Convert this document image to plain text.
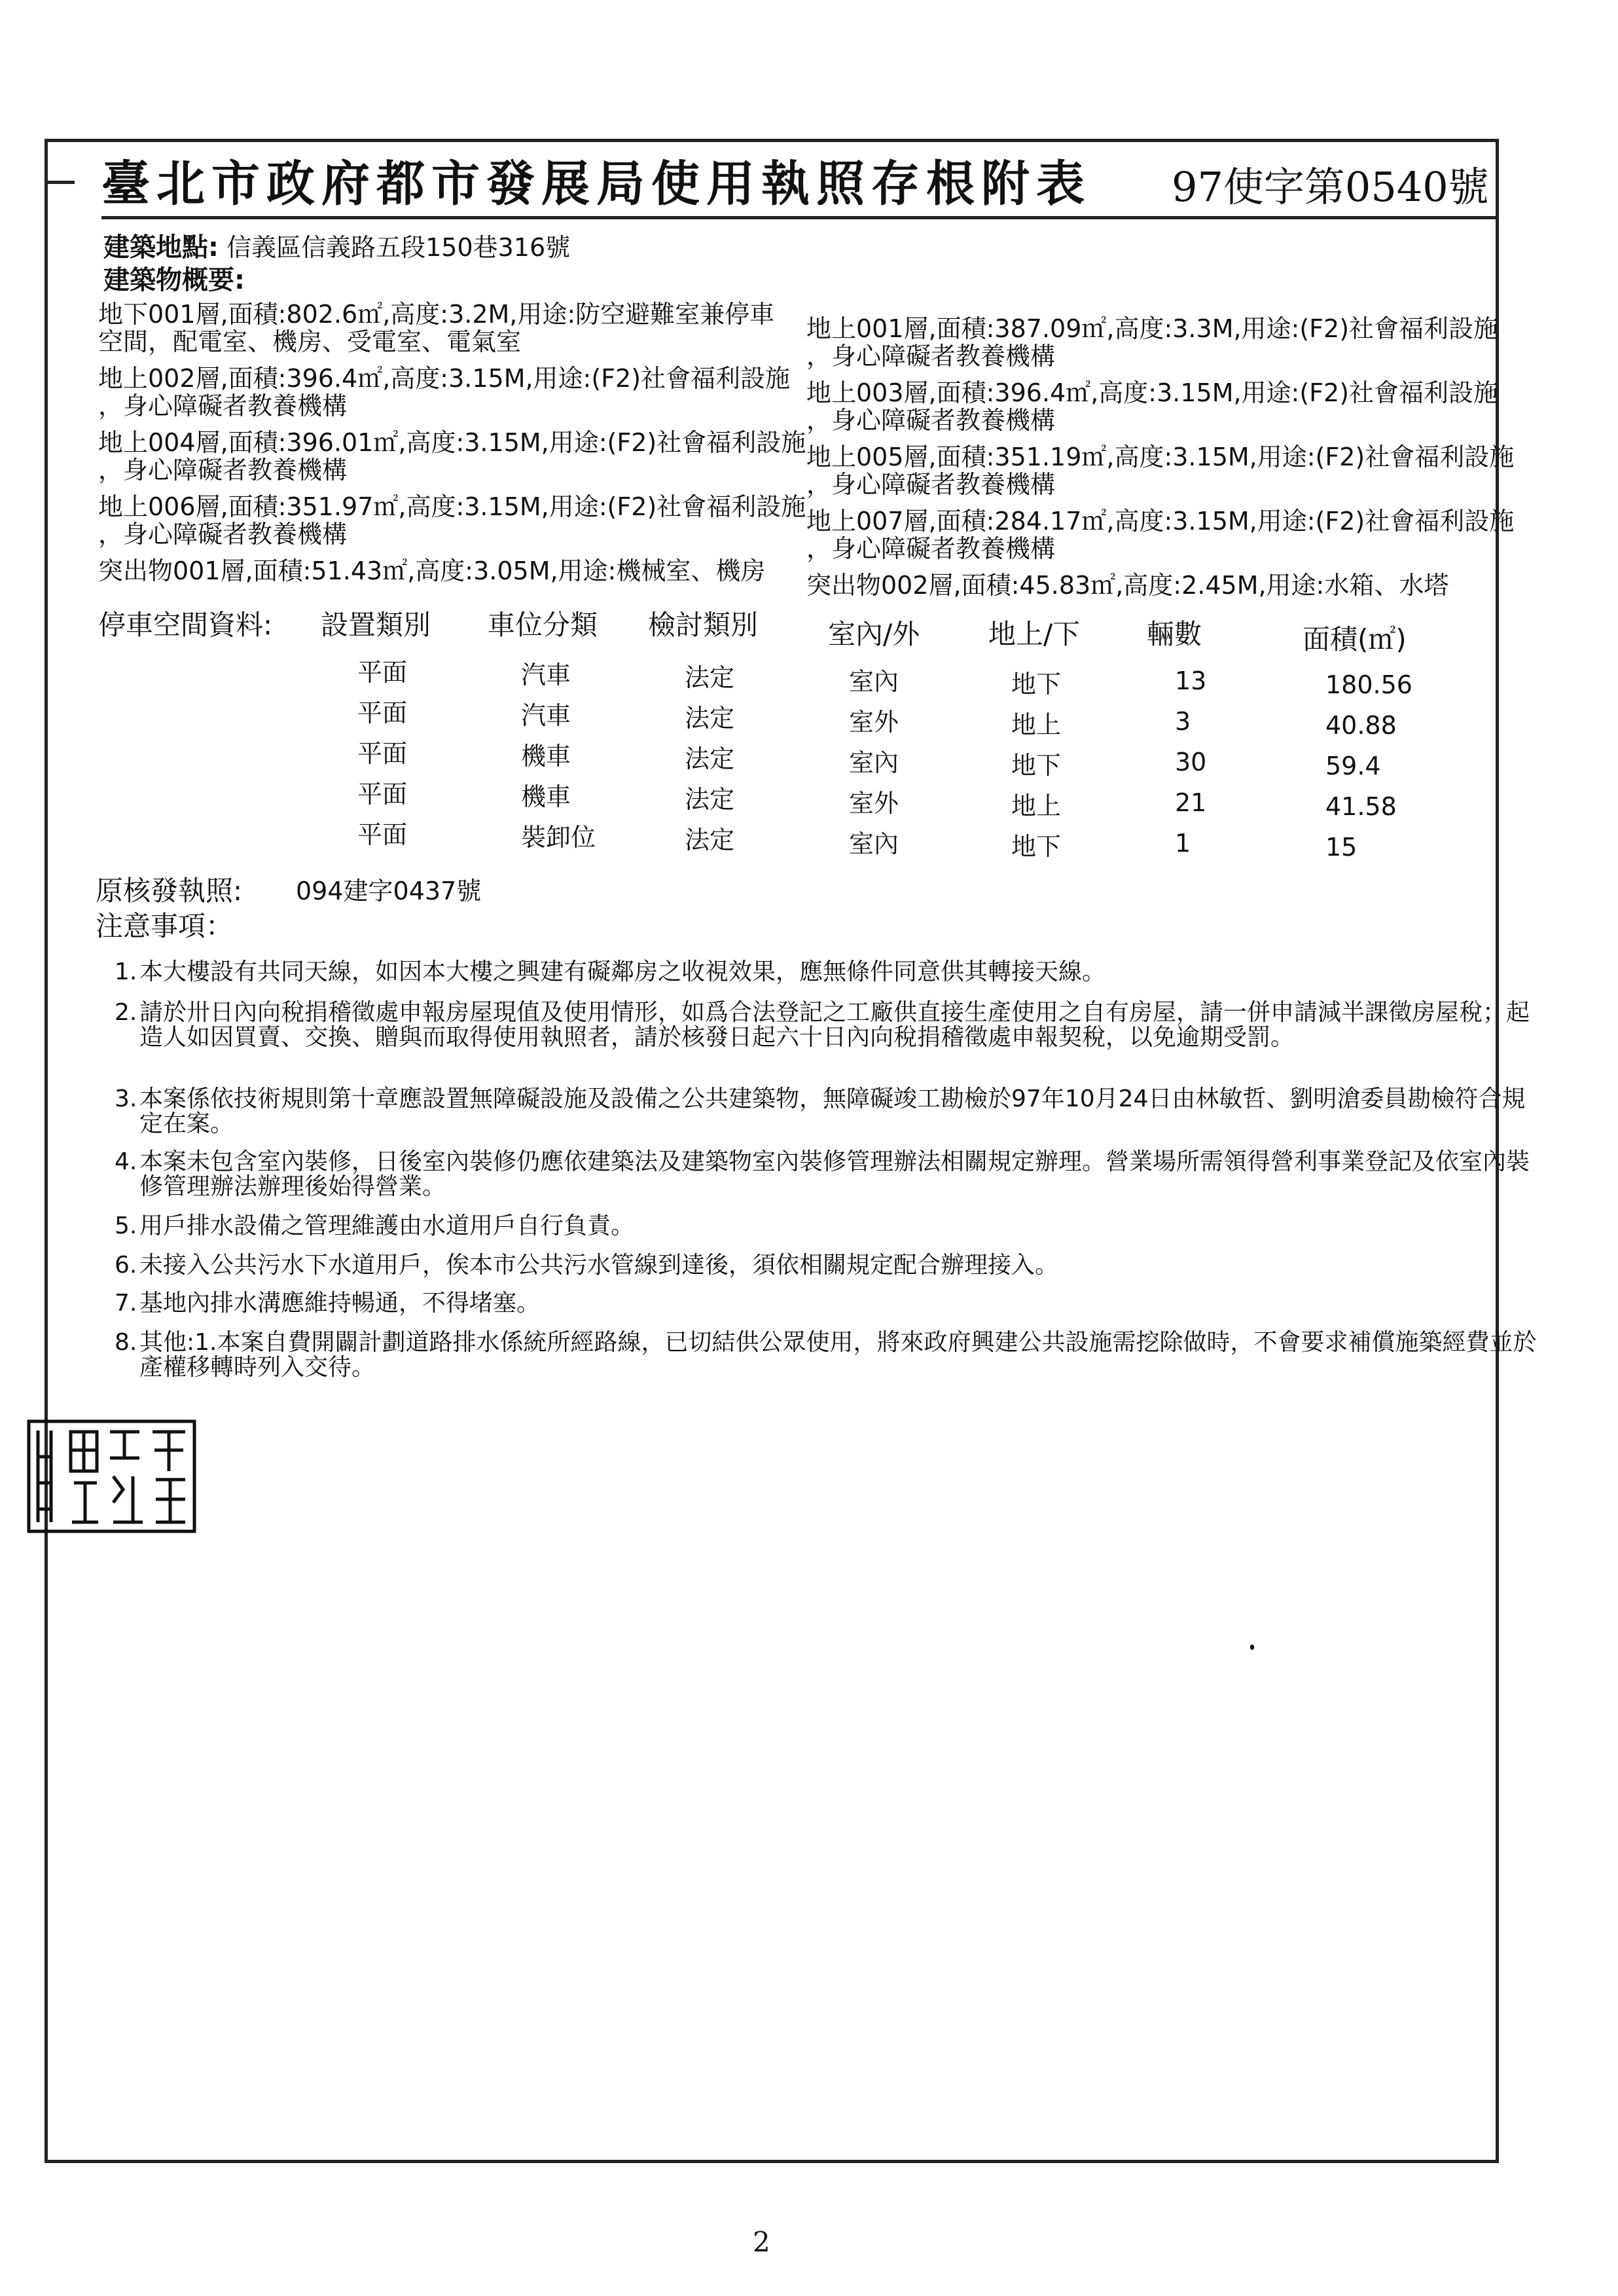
臺北市政府都市發展局使用執照存根附表 97使字第0540號
建築地點: 信義區信義路五段150巷316號
建築物概要:
地下001層,面積:802.6㎡,高度:3.2M,用途:防空避難室兼停車
空間，配電室、機房、受電室、電氣室
地上002層,面積:396.4㎡,高度:3.15M,用途:(F2)社會福利設施
，身心障礙者教養機構
地上004層,面積:396.01㎡,高度:3.15M,用途:(F2)社會福利設施
，身心障礙者教養機構
地上006層,面積:351.97㎡,高度:3.15M,用途:(F2)社會福利設施
，身心障礙者教養機構
突出物001層,面積:51.43㎡,高度:3.05M,用途:機械室、機房
地上001層,面積:387.09㎡,高度:3.3M,用途:(F2)社會福利設施
，身心障礙者教養機構
地上003層,面積:396.4㎡,高度:3.15M,用途:(F2)社會福利設施
，身心障礙者教養機構
地上005層,面積:351.19㎡,高度:3.15M,用途:(F2)社會福利設施
，身心障礙者教養機構
地上007層,面積:284.17㎡,高度:3.15M,用途:(F2)社會福利設施
，身心障礙者教養機構
突出物002層,面積:45.83㎡,高度:2.45M,用途:水箱、水塔
停車空間資料: 設置類別 車位分類 檢討類別	室內/外 地上/下 輛數	面積(㎡)
平面	汽車	法定	室內	地下	13	180.56
平面	汽車	法定	室外	地上	3	40.88
平面	機車	法定	室內	地下	30	59.4
平面	機車	法定	室外	地上	21	41.58
平面	裝卸位	法定	室內	地下	1	15
原核發執照: 094建字0437號
注意事項：
1. 本大樓設有共同天線，如因本大樓之興建有礙鄰房之收視效果，應無條件同意供其轉接天線。
2. 請於卅日內向稅捐稽徵處申報房屋現值及使用情形，如爲合法登記之工廠供直接生產使用之自有房屋，請一併申請減半課徵房屋稅；起造人如因買賣、交換、贈與而取得使用執照者，請於核發日起六十日內向稅捐稽徵處申報契稅，以免逾期受罰。
3. 本案係依技術規則第十章應設置無障礙設施及設備之公共建築物，無障礙竣工勘檢於97年10月24日由林敏哲、劉明滄委員勘檢符合規定在案。
4. 本案未包含室內裝修，日後室內裝修仍應依建築法及建築物室內裝修管理辦法相關規定辦理。營業場所需領得營利事業登記及依室內裝修管理辦法辦理後始得營業。
5. 用戶排水設備之管理維護由水道用戶自行負責。
6. 未接入公共污水下水道用戶，俟本市公共污水管線到達後，須依相關規定配合辦理接入。
7. 基地內排水溝應維持暢通，不得堵塞。
8. 其他:1.本案自費開闢計劃道路排水係統所經路線，已切結供公眾使用，將來政府興建公共設施需挖除做時，不會要求補償施築經費並於產權移轉時列入交待。
2
